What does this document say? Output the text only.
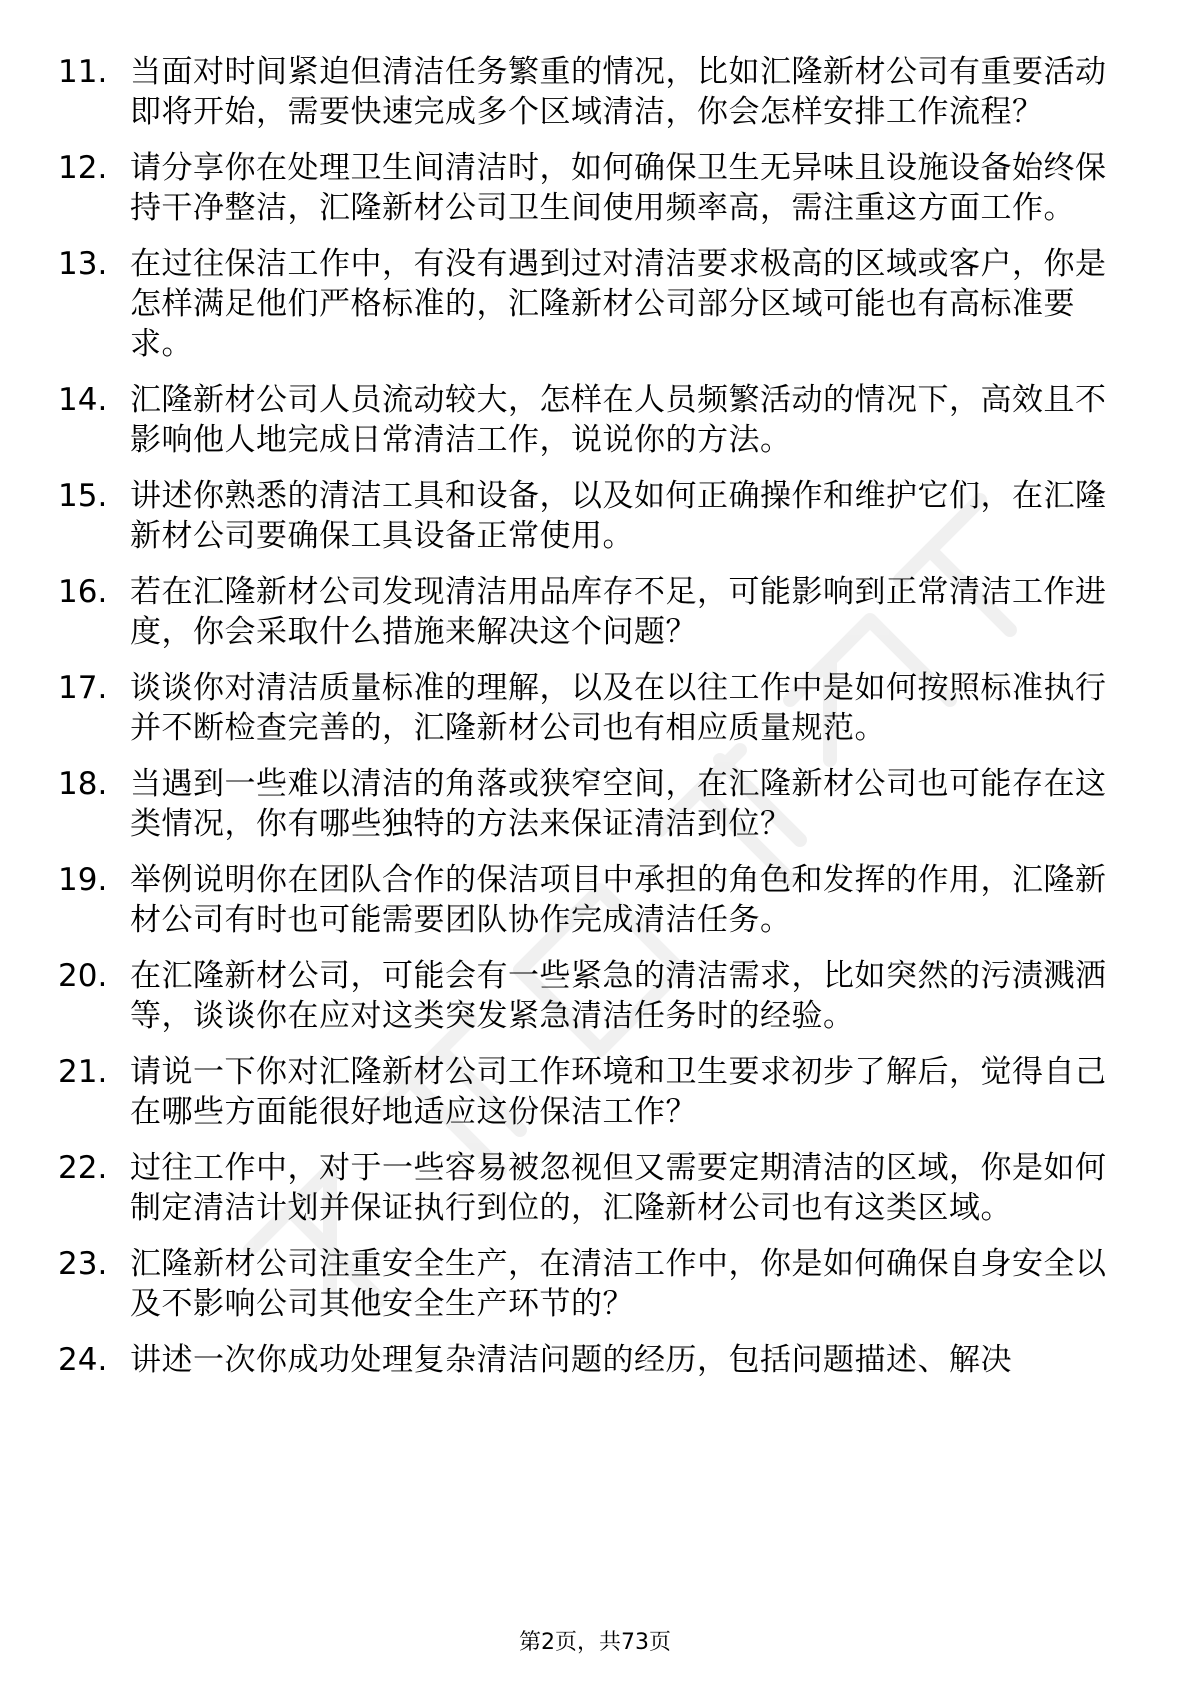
11. 当面对时间紧迫但清洁任务繁重的情况，比如汇隆新材公司有重要活动即将开始，需要快速完成多个区域清洁，你会怎样安排工作流程？
12. 请分享你在处理卫生间清洁时，如何确保卫生无异味且设施设备始终保持干净整洁，汇隆新材公司卫生间使用频率高，需注重这方面工作。
13. 在过往保洁工作中，有没有遇到过对清洁要求极高的区域或客户，你是怎样满足他们严格标准的，汇隆新材公司部分区域可能也有高标准要求。
14. 汇隆新材公司人员流动较大，怎样在人员频繁活动的情况下，高效且不影响他人地完成日常清洁工作，说说你的方法。
15. 讲述你熟悉的清洁工具和设备，以及如何正确操作和维护它们，在汇隆新材公司要确保工具设备正常使用。
16. 若在汇隆新材公司发现清洁用品库存不足，可能影响到正常清洁工作进度，你会采取什么措施来解决这个问题？
17. 谈谈你对清洁质量标准的理解，以及在以往工作中是如何按照标准执行并不断检查完善的，汇隆新材公司也有相应质量规范。
18. 当遇到一些难以清洁的角落或狭窄空间，在汇隆新材公司也可能存在这类情况，你有哪些独特的方法来保证清洁到位？
19. 举例说明你在团队合作的保洁项目中承担的角色和发挥的作用，汇隆新材公司有时也可能需要团队协作完成清洁任务。
20. 在汇隆新材公司，可能会有一些紧急的清洁需求，比如突然的污渍溅洒等，谈谈你在应对这类突发紧急清洁任务时的经验。
21. 请说一下你对汇隆新材公司工作环境和卫生要求初步了解后，觉得自己在哪些方面能很好地适应这份保洁工作？
22. 过往工作中，对于一些容易被忽视但又需要定期清洁的区域，你是如何制定清洁计划并保证执行到位的，汇隆新材公司也有这类区域。
23. 汇隆新材公司注重安全生产，在清洁工作中，你是如何确保自身安全以及不影响公司其他安全生产环节的？
24. 讲述一次你成功处理复杂清洁问题的经历，包括问题描述、解决
第2页，共73页
